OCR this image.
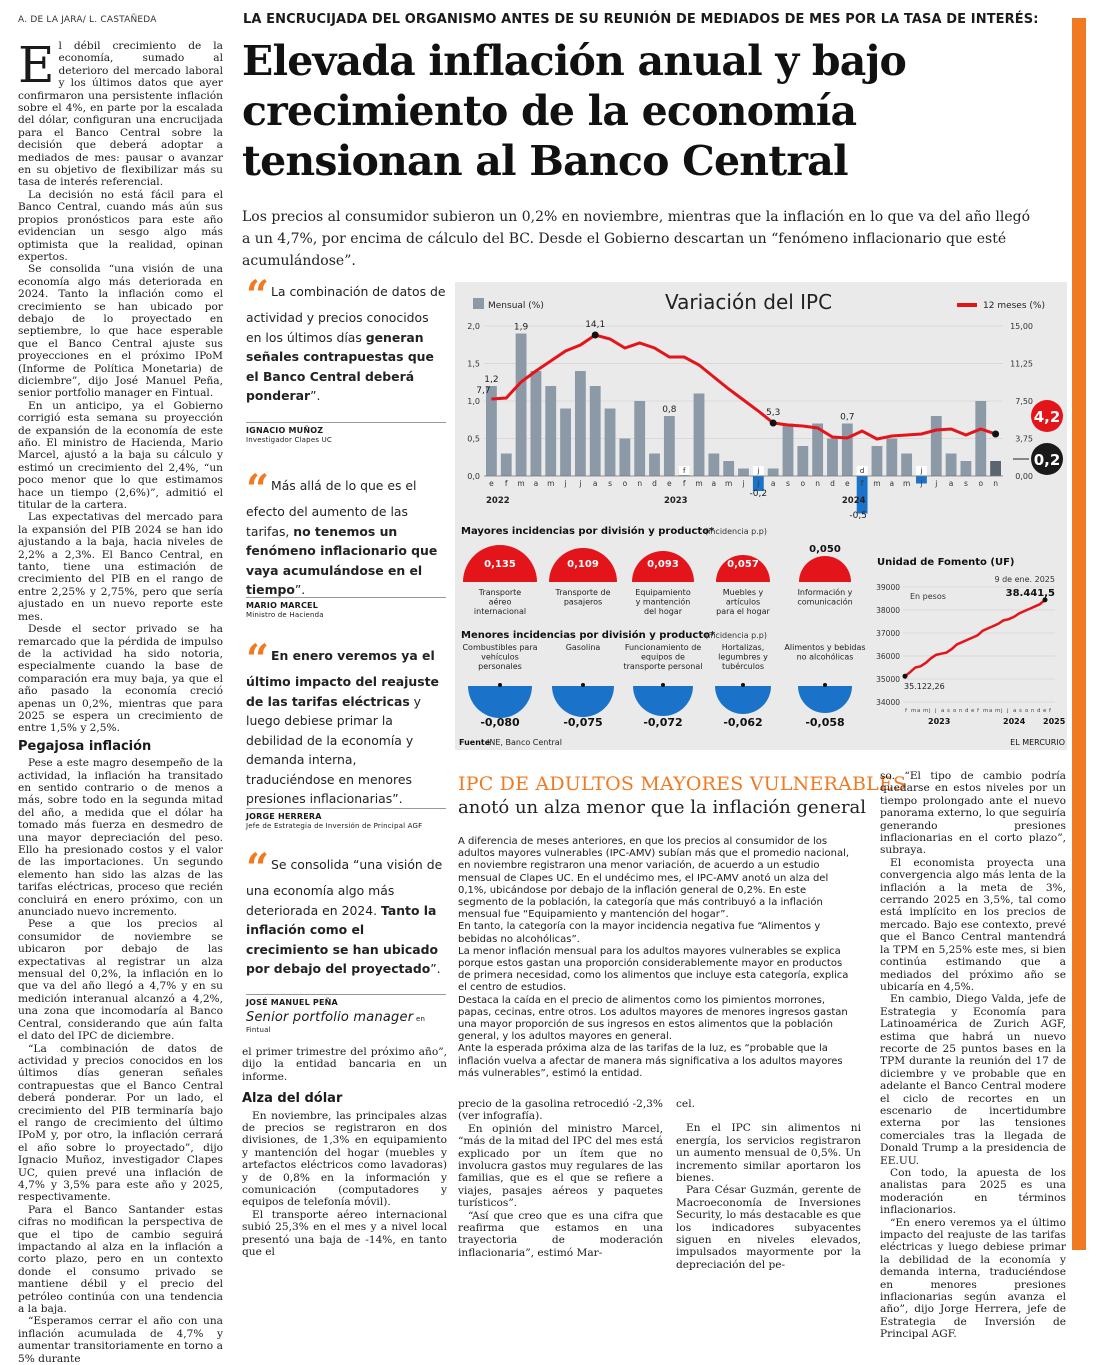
A. DE LA JARA/ L. CASTAÑEDA	LA ENCRUCIJADA DEL ORGANISMO ANTES DE SU REUNIÓN DE MEDIADOS DE MES POR LA TASA DE INTERÉS:
Elevada inflación anual y bajo crecimiento de la economía tensionan al Banco Central
Los precios al consumidor subieron un 0,2% en noviembre, mientras que la inflación en lo que va del año llegó a un 4,7%, por encima de cálculo del BC. Desde el Gobierno descartan un “fenómeno inflacionario que esté acumulándose”.

El débil crecimiento de la economía, sumado al deterioro del mercado laboral y los últimos datos que ayer confirmaron una persistente inflación sobre el 4%, en parte por la escalada del dólar, configuran una encrucijada para el Banco Central sobre la decisión que deberá adoptar a mediados de mes: pausar o avanzar en su objetivo de flexibilizar más su tasa de interés referencial.

La decisión no está fácil para el Banco Central, cuando más aún sus propios pronósticos para este año evidencian un sesgo algo más optimista que la realidad, opinan expertos.

Se consolida “una visión de una economía algo más deteriorada en 2024. Tanto la inflación como el crecimiento se han ubicado por debajo de lo proyectado en septiembre, lo que hace esperable que el Banco Central ajuste sus proyecciones en el próximo IPoM (Informe de Política Monetaria) de diciembre”, dijo José Manuel Peña, senior portfolio manager en Fintual.

En un anticipo, ya el Gobierno corrigió esta semana su proyección de expansión de la economía de este año. El ministro de Hacienda, Mario Marcel, ajustó a la baja su cálculo y estimó un crecimiento del 2,4%, “un poco menor que lo que estimamos hace un tiempo (2,6%)”, admitió el titular de la cartera.

Las expectativas del mercado para la expansión del PIB 2024 se han ido ajustando a la baja, hacia niveles de 2,2% a 2,3%. El Banco Central, en tanto, tiene una estimación de crecimiento del PIB en el rango de entre 2,25% y 2,75%, pero que sería ajustado en un nuevo reporte este mes.

Desde el sector privado se ha remarcado que la pérdida de impulso de la actividad ha sido notoria, especialmente cuando la base de comparación era muy baja, ya que el año pasado la economía creció apenas un 0,2%, mientras que para 2025 se espera un crecimiento de entre 1,5% y 2,5%.

Pegajosa inflación

Pese a este magro desempeño de la actividad, la inflación ha transitado en sentido contrario o de menos a más, sobre todo en la segunda mitad del año, a medida que el dólar ha tomado más fuerza en desmedro de una mayor depreciación del peso. Ello ha presionado costos y el valor de las importaciones. Un segundo elemento han sido las alzas de las tarifas eléctricas, proceso que recién concluirá en enero próximo, con un anunciado nuevo incremento.

Pese a que los precios al consumidor de noviembre se ubicaron por debajo de las expectativas al registrar un alza mensual del 0,2%, la inflación en lo que va del año llegó a 4,7% y en su medición interanual alcanzó a 4,2%, una zona que incomodaría al Banco Central, considerando que aún falta el dato del IPC de diciembre.

“La combinación de datos de actividad y precios conocidos en los últimos días generan señales contrapuestas que el Banco Central deberá ponderar. Por un lado, el crecimiento del PIB terminaría bajo el rango de crecimiento del último IPoM y, por otro, la inflación cerrará el año sobre lo proyectado”, dijo Ignacio Muñoz, investigador Clapes UC, quien prevé una inflación de 4,7% y 3,5% para este año y 2025, respectivamente.

Para el Banco Santander estas cifras no modifican la perspectiva de que el tipo de cambio seguirá impactando al alza en la inflación a corto plazo, pero en un contexto donde el consumo privado se mantiene débil y el precio del petróleo continúa con una tendencia a la baja.

“Esperamos cerrar el año con una inflación acumulada de 4,7% y aumentar transitoriamente en torno a 5% durante

“ La combinación de datos de actividad y precios conocidos en los últimos días generan señales contrapuestas que el Banco Central deberá ponderar”.
IGNACIO MUÑOZ
Investigador Clapes UC
“ Más allá de lo que es el efecto del aumento de las tarifas, no tenemos un fenómeno inflacionario que vaya acumulándose en el tiempo”.
MARIO MARCEL
Ministro de Hacienda
“ En enero veremos ya el último impacto del reajuste de las tarifas eléctricas y luego debiese primar la debilidad de la economía y demanda interna, traduciéndose en menores presiones inflacionarias”.
JORGE HERRERA
Jefe de Estrategia de Inversión de Principal AGF
“ Se consolida “una visión de una economía algo más deteriorada en 2024. Tanto la inflación como el crecimiento se han ubicado por debajo del proyectado”.
JOSÉ MANUEL PEÑA
Senior portfolio manager en Fintual

el primer trimestre del próximo año”, dijo la entidad bancaria en un informe.

Alza del dólar

En noviembre, las principales alzas de precios se registraron en dos divisiones, de 1,3% en equipamiento y mantención del hogar (muebles y artefactos eléctricos como lavadoras) y de 0,8% en la información y comunicación (computadores y equipos de telefonía móvil).

El transporte aéreo internacional subió 25,3% en el mes y a nivel local presentó una baja de -14%, en tanto que el

Variación del IPC
Mensual (%)	12 meses (%)
2,0
1,5
1,0
0,5
0,0
15,00
11,25
7,50
3,75
0,00
e f m a m j j a s o n d e f m a m j j a s o n d e f m a m j j a s o n
2022	2023	2024
7,7
1,2
1,9	14,1
0,8
-0,2
5,3	0,7
-0,5
f	j	d	j
4,2
0,2
Mayores incidencias por división y producto*
(incidencia p.p)
0,135
Transporte
aéreo
internacional
0,109
Transporte de
pasajeros
0,093
Equipamiento
y mantención
del hogar
0,057
Muebles y
artículos
para el hogar
0,050
Información y
comunicación
Menores incidencias por división y producto*
(incidencia p.p)
-0,080
Combustibles para
vehículos
personales
-0,075
Gasolina
-0,072
Funcionamiento de
equipos de
transporte personal
-0,062
Hortalizas,
legumbres y
tubérculos
-0,058
Alimentos y bebidas
no alcohólicas
Unidad de Fomento (UF)
En pesos
39000
38000
37000
36000
35000
34000
35.122,26
9 de ene. 2025
38.441,5
f m a m j j a s o n d e f m a m j j a s o n d e f
2023	2024 2025
Fuente
INE, Banco Central	EL MERCURIO
IPC DE ADULTOS MAYORES VULNERABLES
anotó un alza menor que la inflación general

A diferencia de meses anteriores, en que los precios al consumidor de los adultos mayores vulnerables (IPC-AMV) subían más que el promedio nacional, en noviembre registraron una menor variación, de acuerdo a un estudio mensual de Clapes UC. En el undécimo mes, el IPC-AMV anotó un alza del 0,1%, ubicándose por debajo de la inflación general de 0,2%. En este segmento de la población, la categoría que más contribuyó a la inflación mensual fue “Equipamiento y mantención del hogar”.

En tanto, la categoría con la mayor incidencia negativa fue “Alimentos y bebidas no alcohólicas”.

La menor inflación mensual para los adultos mayores vulnerables se explica porque estos gastan una proporción considerablemente mayor en productos de primera necesidad, como los alimentos que incluye esta categoría, explica el centro de estudios.

Destaca la caída en el precio de alimentos como los pimientos morrones, papas, cecinas, entre otros. Los adultos mayores de menores ingresos gastan una mayor proporción de sus ingresos en estos alimentos que la población general, y los adultos mayores en general.

Ante la esperada próxima alza de las tarifas de la luz, es “probable que la inflación vuelva a afectar de manera más significativa a los adultos mayores más vulnerables”, estimó la entidad.

precio de la gasolina retrocedió -2,3% (ver infografía).

En opinión del ministro Marcel, “más de la mitad del IPC del mes está explicado por un ítem que no involucra gastos muy regulares de las familias, que es el que se refiere a viajes, pasajes aéreos y paquetes turísticos”.

“Así que creo que es una cifra que reafirma que estamos en una trayectoria de moderación inflacionaria”, estimó Mar-

cel.

En el IPC sin alimentos ni energía, los servicios registraron un aumento mensual de 0,5%. Un incremento similar aportaron los bienes.

Para César Guzmán, gerente de Macroeconomía de Inversiones Security, lo más destacable es que los indicadores subyacentes siguen en niveles elevados, impulsados mayormente por la depreciación del pe-

so. “El tipo de cambio podría quedarse en estos niveles por un tiempo prolongado ante el nuevo panorama externo, lo que seguiría generando presiones inflacionarias en el corto plazo”, subraya.

El economista proyecta una convergencia algo más lenta de la inflación a la meta de 3%, cerrando 2025 en 3,5%, tal como está implícito en los precios de mercado. Bajo ese contexto, prevé que el Banco Central mantendrá la TPM en 5,25% este mes, si bien continúa estimando que a mediados del próximo año se ubicaría en 4,5%.

En cambio, Diego Valda, jefe de Estrategia y Economía para Latinoamérica de Zurich AGF, estima que habrá un nuevo recorte de 25 puntos bases en la TPM durante la reunión del 17 de diciembre y ve probable que en adelante el Banco Central modere el ciclo de recortes en un escenario de incertidumbre externa por las tensiones comerciales tras la llegada de Donald Trump a la presidencia de EE.UU.

Con todo, la apuesta de los analistas para 2025 es una moderación en términos inflacionarios.

“En enero veremos ya el último impacto del reajuste de las tarifas eléctricas y luego debiese primar la debilidad de la economía y demanda interna, traduciéndose en menores presiones inflacionarias según avanza el año”, dijo Jorge Herrera, jefe de Estrategia de Inversión de Principal AGF.
